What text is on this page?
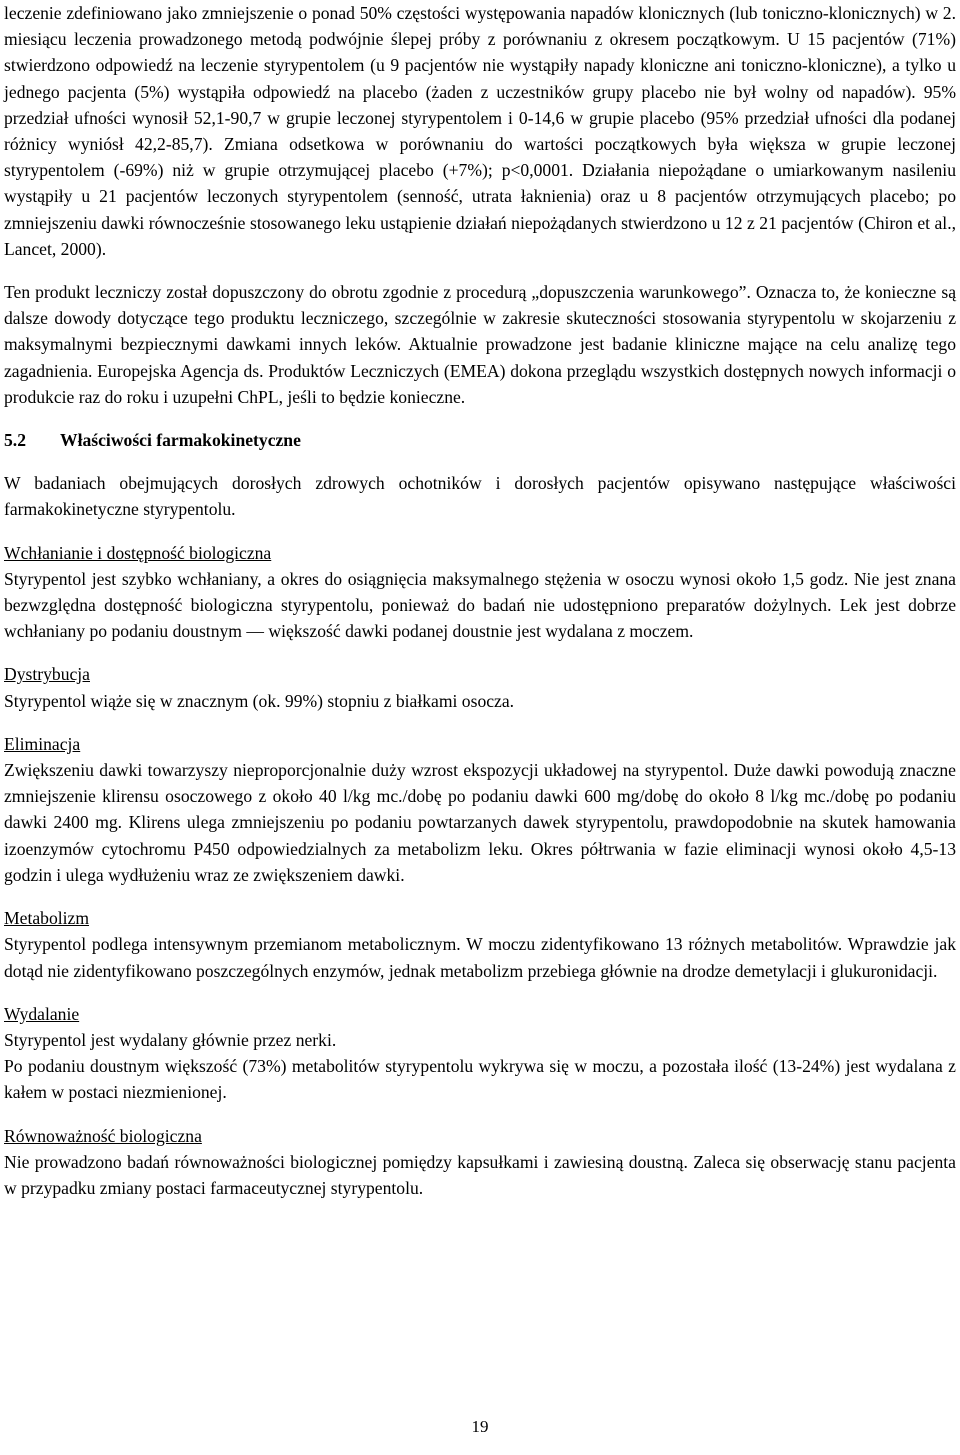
leczenie zdefiniowano jako zmniejszenie o ponad 50% częstości występowania napadów klonicznych (lub toniczno-klonicznych) w 2. miesiącu leczenia prowadzonego metodą podwójnie ślepej próby z porównaniu z okresem początkowym. U 15 pacjentów (71%) stwierdzono odpowiedź na leczenie styrypentolem (u 9 pacjentów nie wystąpiły napady kloniczne ani toniczno-kloniczne), a tylko u jednego pacjenta (5%) wystąpiła odpowiedź na placebo (żaden z uczestników grupy placebo nie był wolny od napadów). 95% przedział ufności wynosił 52,1-90,7 w grupie leczonej styrypentolem i 0-14,6 w grupie placebo (95% przedział ufności dla podanej różnicy wyniósł 42,2-85,7). Zmiana odsetkowa w porównaniu do wartości początkowych była większa w grupie leczonej styrypentolem (-69%) niż w grupie otrzymującej placebo (+7%); p<0,0001. Działania niepożądane o umiarkowanym nasileniu wystąpiły u 21 pacjentów leczonych styrypentolem (senność, utrata łaknienia) oraz u 8 pacjentów otrzymujących placebo; po zmniejszeniu dawki równocześnie stosowanego leku ustąpienie działań niepożądanych stwierdzono u 12 z 21 pacjentów (Chiron et al., Lancet, 2000).

Ten produkt leczniczy został dopuszczony do obrotu zgodnie z procedurą „dopuszczenia warunkowego”. Oznacza to, że konieczne są dalsze dowody dotyczące tego produktu leczniczego, szczególnie w zakresie skuteczności stosowania styrypentolu w skojarzeniu z maksymalnymi bezpiecznymi dawkami innych leków. Aktualnie prowadzone jest badanie kliniczne mające na celu analizę tego zagadnienia. Europejska Agencja ds. Produktów Leczniczych (EMEA) dokona przeglądu wszystkich dostępnych nowych informacji o produkcie raz do roku i uzupełni ChPL, jeśli to będzie konieczne.

5.2 Właściwości farmakokinetyczne

W badaniach obejmujących dorosłych zdrowych ochotników i dorosłych pacjentów opisywano następujące właściwości farmakokinetyczne styrypentolu.

Wchłanianie i dostępność biologiczna

Styrypentol jest szybko wchłaniany, a okres do osiągnięcia maksymalnego stężenia w osoczu wynosi około 1,5 godz. Nie jest znana bezwzględna dostępność biologiczna styrypentolu, ponieważ do badań nie udostępniono preparatów dożylnych. Lek jest dobrze wchłaniany po podaniu doustnym — większość dawki podanej doustnie jest wydalana z moczem.

Dystrybucja

Styrypentol wiąże się w znacznym (ok. 99%) stopniu z białkami osocza.

Eliminacja

Zwiększeniu dawki towarzyszy nieproporcjonalnie duży wzrost ekspozycji układowej na styrypentol. Duże dawki powodują znaczne zmniejszenie klirensu osoczowego z około 40 l/kg mc./dobę po podaniu dawki 600 mg/dobę do około 8 l/kg mc./dobę po podaniu dawki 2400 mg. Klirens ulega zmniejszeniu po podaniu powtarzanych dawek styrypentolu, prawdopodobnie na skutek hamowania izoenzymów cytochromu P450 odpowiedzialnych za metabolizm leku. Okres półtrwania w fazie eliminacji wynosi około 4,5-13 godzin i ulega wydłużeniu wraz ze zwiększeniem dawki.

Metabolizm

Styrypentol podlega intensywnym przemianom metabolicznym. W moczu zidentyfikowano 13 różnych metabolitów. Wprawdzie jak dotąd nie zidentyfikowano poszczególnych enzymów, jednak metabolizm przebiega głównie na drodze demetylacji i glukuronidacji.

Wydalanie

Styrypentol jest wydalany głównie przez nerki.

Po podaniu doustnym większość (73%) metabolitów styrypentolu wykrywa się w moczu, a pozostała ilość (13-24%) jest wydalana z kałem w postaci niezmienionej.

Równoważność biologiczna

Nie prowadzono badań równoważności biologicznej pomiędzy kapsułkami i zawiesiną doustną. Zaleca się obserwację stanu pacjenta w przypadku zmiany postaci farmaceutycznej styrypentolu.

19
